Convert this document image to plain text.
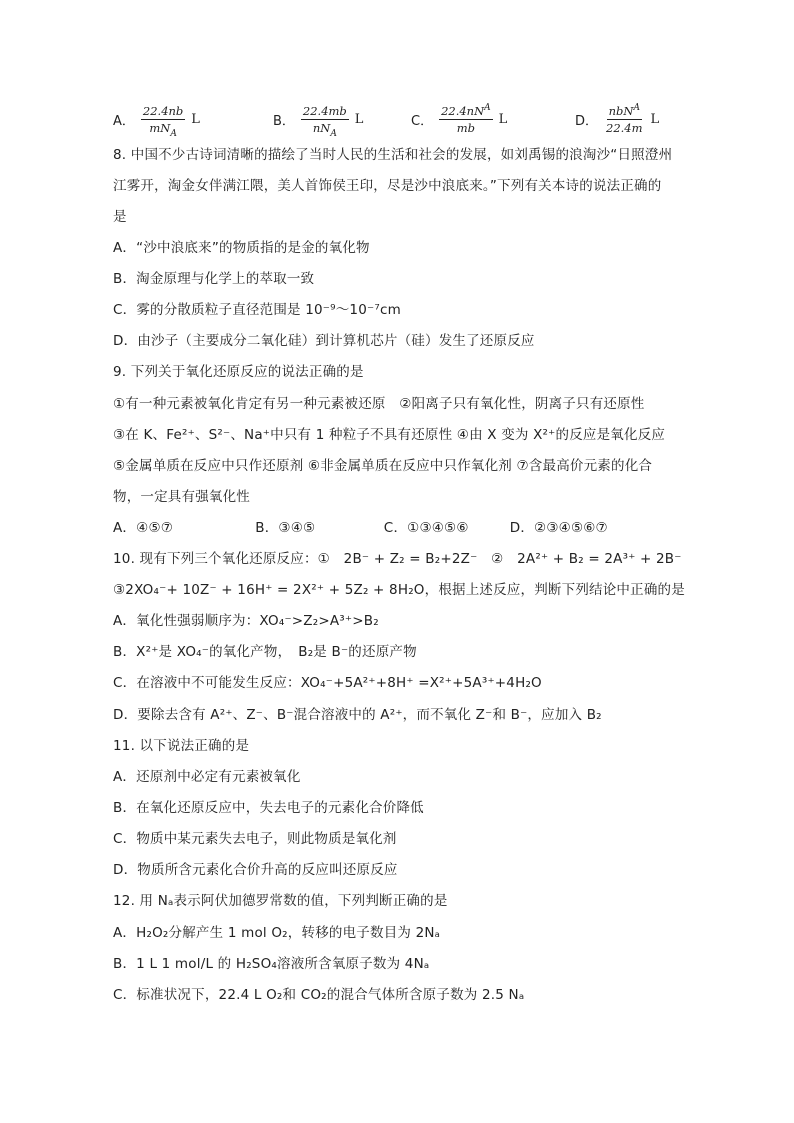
A． $\frac{22.4nb}{mN_A}$ L	B． $\frac{22.4mb}{nN_A}$ L	C． $\frac{22.4nN^A}{mb}$ L	D． $\frac{nbN^A}{22.4m}$ L
8. 中国不少古诗词清晰的描绘了当时人民的生活和社会的发展，如刘禹锡的浪淘沙“日照澄州
江雾开，淘金女伴满江隈，美人首饰侯王印，尽是沙中浪底来。”下列有关本诗的说法正确的
是
A．“沙中浪底来”的物质指的是金的氧化物
B．淘金原理与化学上的萃取一致
C．雾的分散质粒子直径范围是 10⁻⁹～10⁻⁷cm
D．由沙子（主要成分二氧化硅）到计算机芯片（硅）发生了还原反应
9. 下列关于氧化还原反应的说法正确的是
①有一种元素被氧化肯定有另一种元素被还原　②阳离子只有氧化性，阴离子只有还原性
③在 K、Fe²⁺、S²⁻、Na⁺中只有 1 种粒子不具有还原性 ④由 X 变为 X²⁺的反应是氧化反应
⑤金属单质在反应中只作还原剂 ⑥非金属单质在反应中只作氧化剂 ⑦含最高价元素的化合
物，一定具有强氧化性
A．④⑤⑦　　　　　　B．③④⑤　　　　　C．①③④⑤⑥　　　D．②③④⑤⑥⑦
10. 现有下列三个氧化还原反应：①　2B⁻ + Z₂ = B₂+2Z⁻　②　2A²⁺ + B₂ = 2A³⁺ + 2B⁻
③2XO₄⁻+ 10Z⁻ + 16H⁺ = 2X²⁺ + 5Z₂ + 8H₂O，根据上述反应，判断下列结论中正确的是
A．氧化性强弱顺序为：XO₄⁻>Z₂>A³⁺>B₂
B．X²⁺是 XO₄⁻的氧化产物，　B₂是 B⁻的还原产物
C．在溶液中不可能发生反应：XO₄⁻+5A²⁺+8H⁺ =X²⁺+5A³⁺+4H₂O
D．要除去含有 A²⁺、Z⁻、B⁻混合溶液中的 A²⁺，而不氧化 Z⁻和 B⁻，应加入 B₂
11. 以下说法正确的是
A．还原剂中必定有元素被氧化
B．在氧化还原反应中，失去电子的元素化合价降低
C．物质中某元素失去电子，则此物质是氧化剂
D．物质所含元素化合价升高的反应叫还原反应
12. 用 Nₐ表示阿伏加德罗常数的值，下列判断正确的是
A．H₂O₂分解产生 1 mol O₂，转移的电子数目为 2Nₐ
B．1 L 1 mol/L 的 H₂SO₄溶液所含氧原子数为 4Nₐ
C．标准状况下，22.4 L O₂和 CO₂的混合气体所含原子数为 2.5 Nₐ
